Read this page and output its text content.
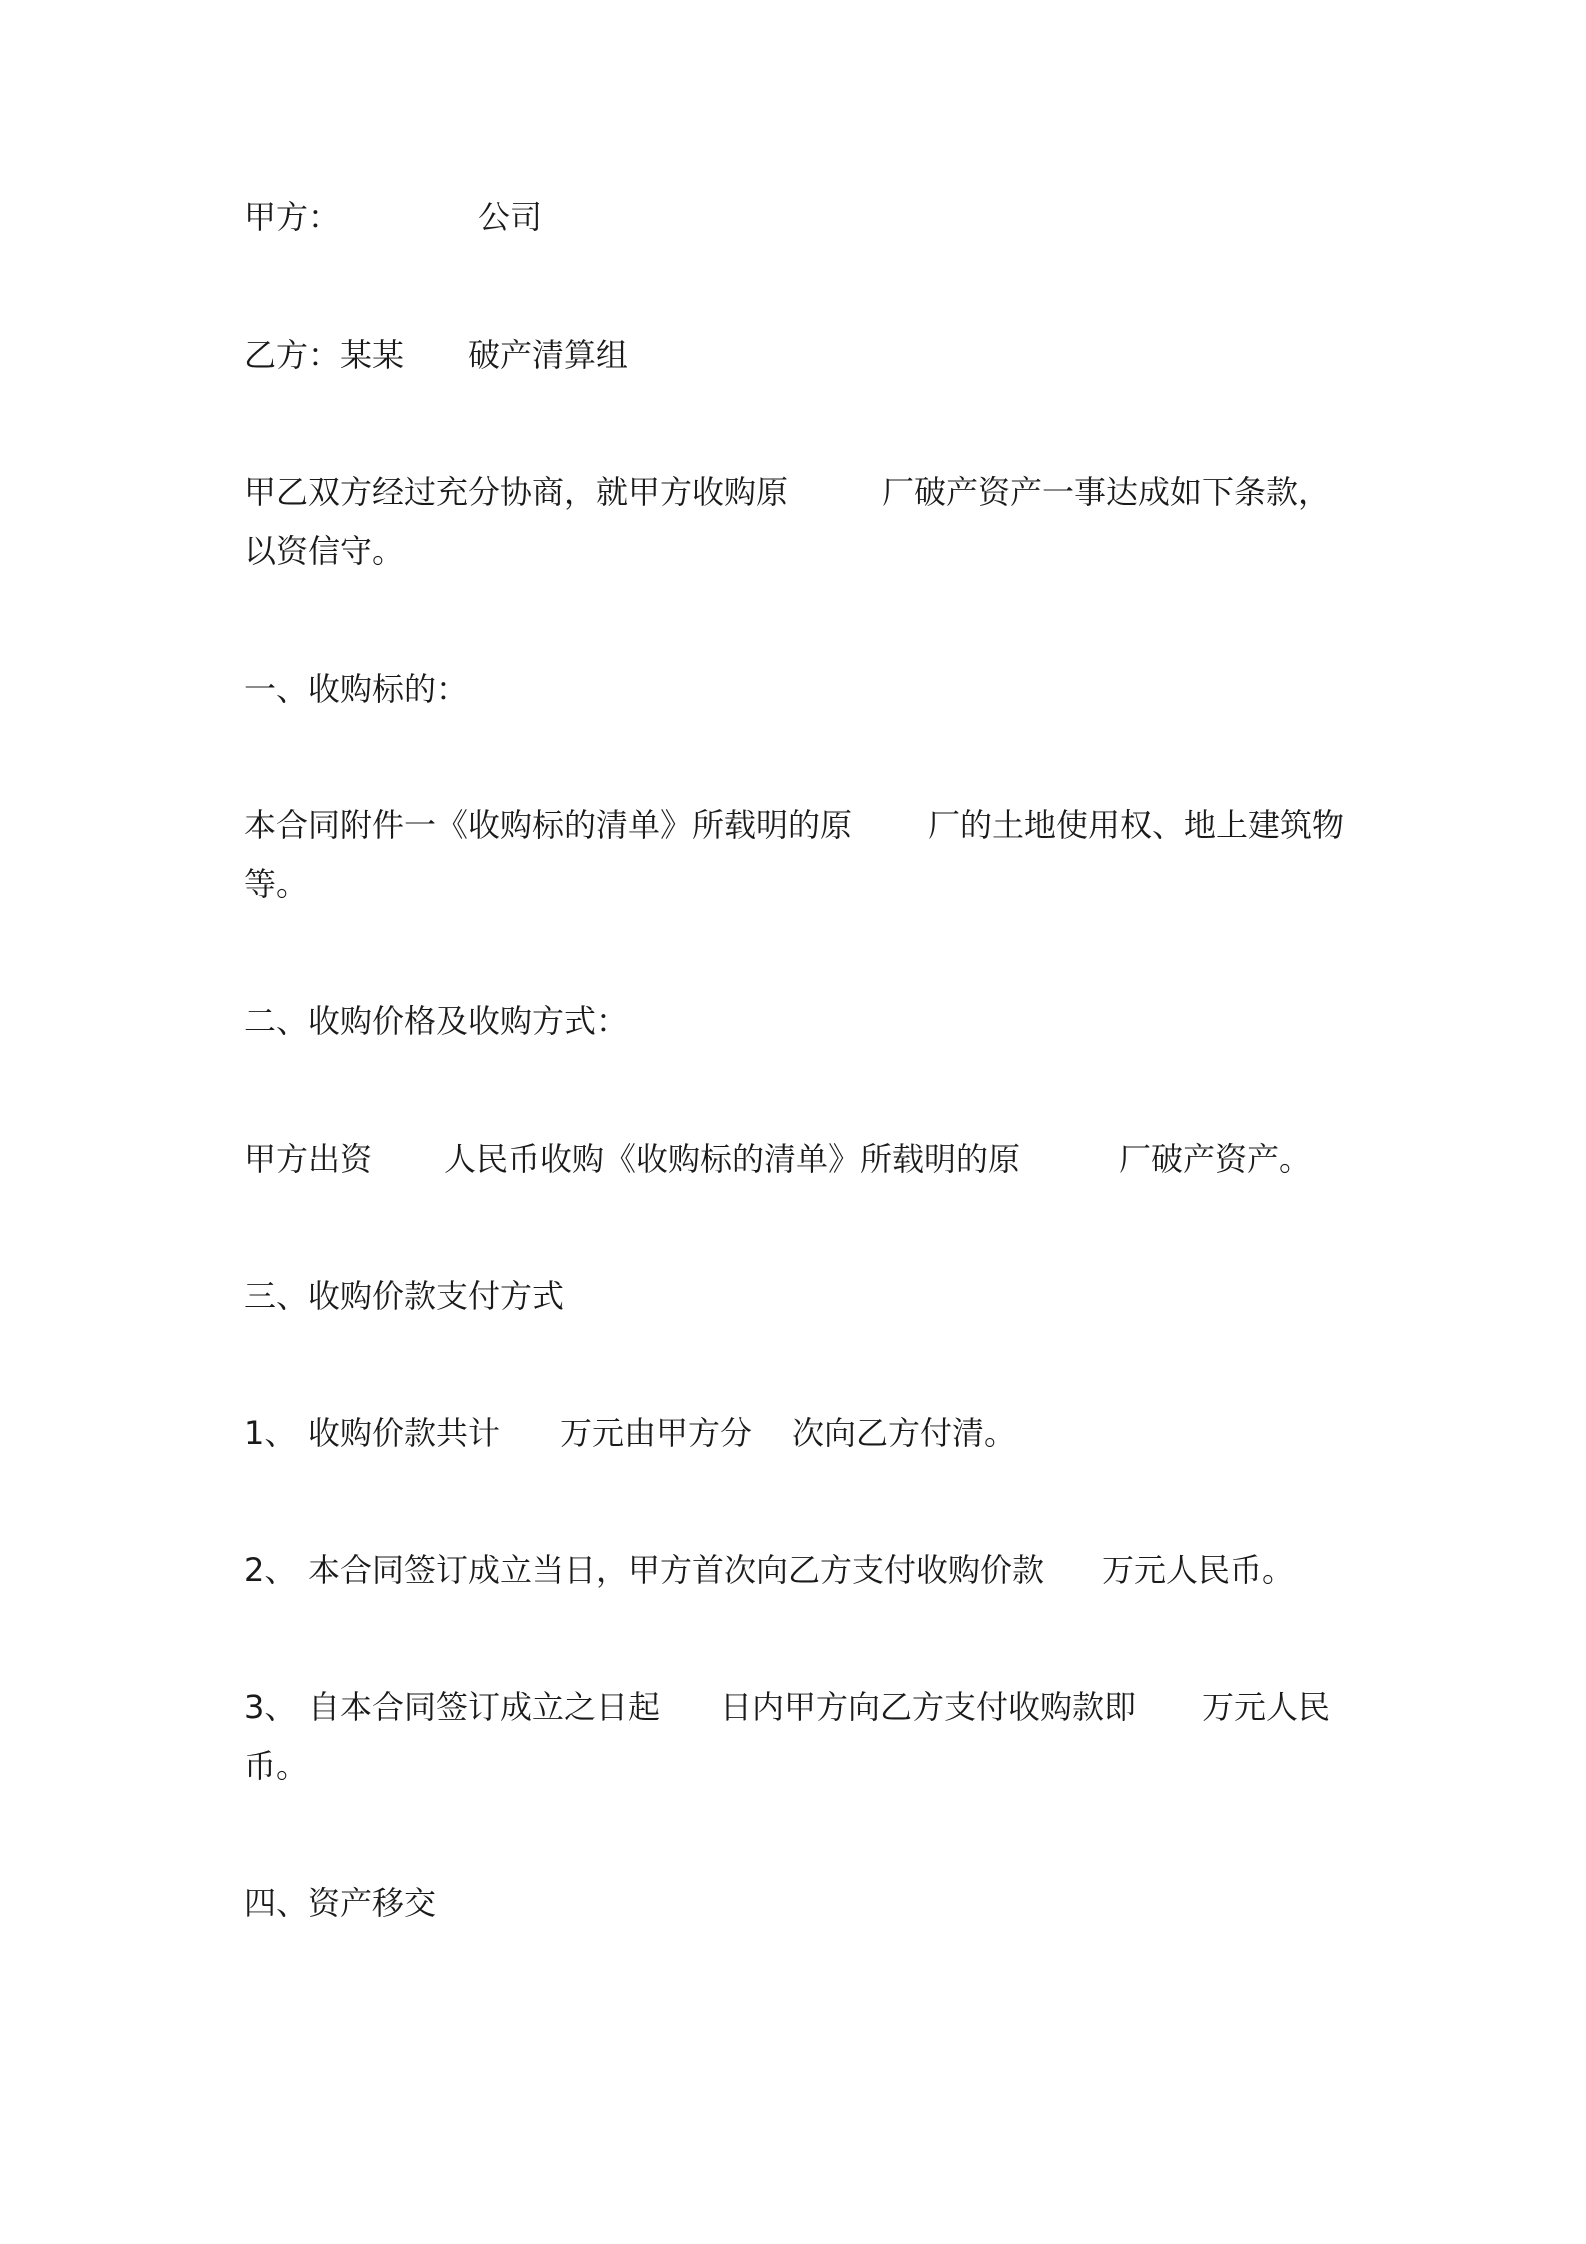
甲方：	公司
乙方：某某 破产清算组
甲乙双方经过充分协商，就甲方收购原	厂破产资产一事达成如下条款，
以资信守。
一、收购标的：
本合同附件一《收购标的清单》所载明的原 厂的土地使用权、地上建筑物
等。
二、收购价格及收购方式：
甲方出资 人民币收购《收购标的清单》所载明的原	厂破产资产。
三、收购价款支付方式
1、 收购价款共计 万元由甲方分 次向乙方付清。
2、 本合同签订成立当日，甲方首次向乙方支付收购价款 万元人民币。
3、 自本合同签订成立之日起 日内甲方向乙方支付收购款即 万元人民
币。
四、资产移交
